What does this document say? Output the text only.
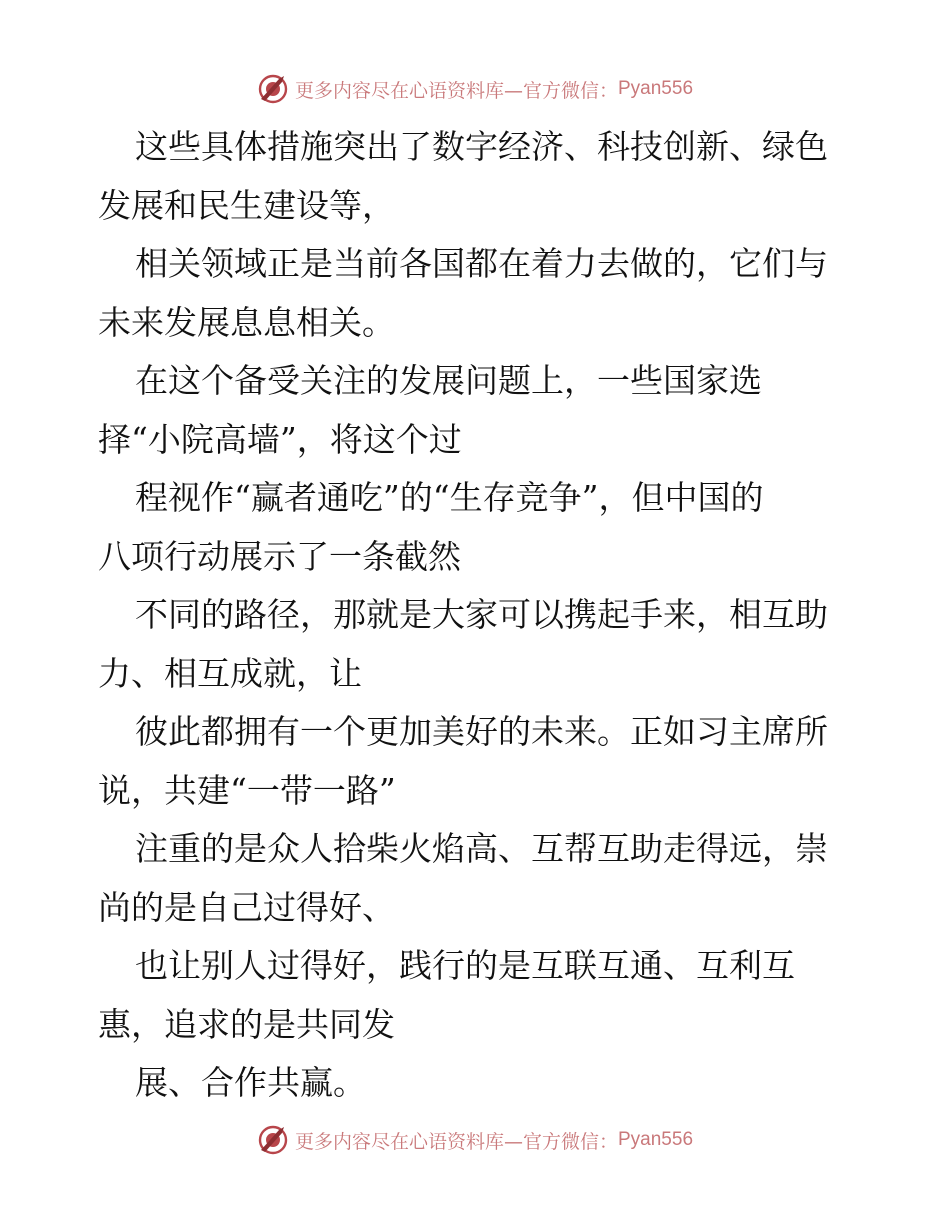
更多内容尽在心语资料库—官方微信： Pyan556

这些具体措施突出了数字经济、科技创新、绿色

发展和民生建设等，

相关领域正是当前各国都在着力去做的，它们与

未来发展息息相关。

在这个备受关注的发展问题上，一些国家选

择“小院高墙”，将这个过

程视作“赢者通吃”的“生存竞争”，但中国的

八项行动展示了一条截然

不同的路径，那就是大家可以携起手来，相互助

力、相互成就，让

彼此都拥有一个更加美好的未来。正如习主席所

说，共建“一带一路”

注重的是众人拾柴火焰高、互帮互助走得远，崇

尚的是自己过得好、

也让别人过得好，践行的是互联互通、互利互

惠，追求的是共同发

展、合作共赢。

更多内容尽在心语资料库—官方微信： Pyan556
